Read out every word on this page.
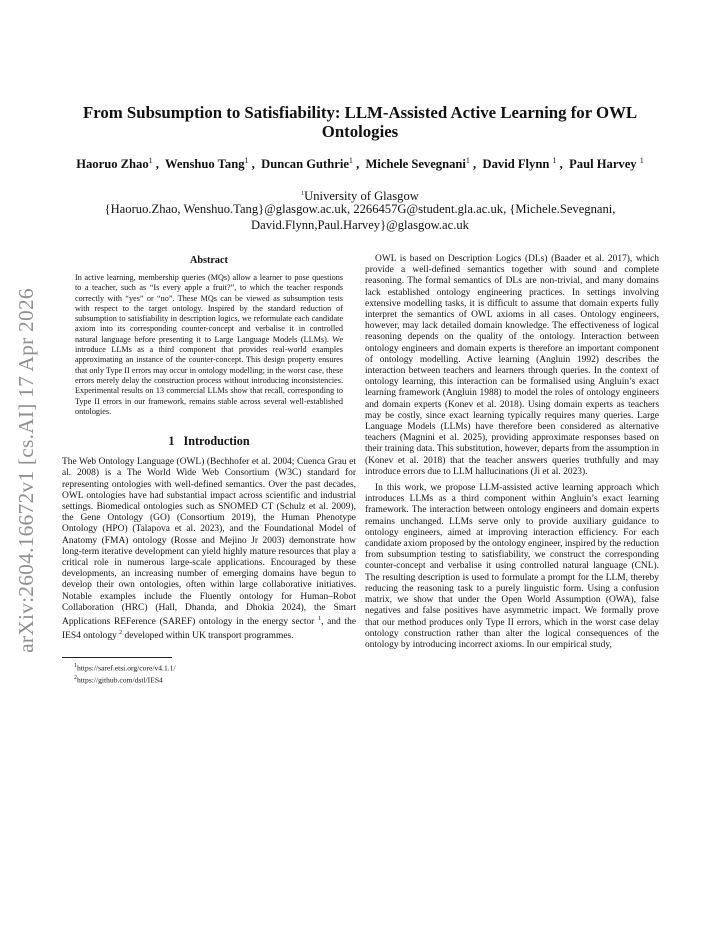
arXiv:2604.16672v1 [cs.AI] 17 Apr 2026
From Subsumption to Satisfiability: LLM-Assisted Active Learning for OWL Ontologies
Haoruo Zhao$^1$ ,  Wenshuo Tang$^1$ ,  Duncan Guthrie$^1$ ,  Michele Sevegnani$^1$ ,  David Flynn $^1$ ,  Paul Harvey $^1$

$^1$University of Glasgow

{Haoruo.Zhao, Wenshuo.Tang}@glasgow.ac.uk, 2266457G@student.gla.ac.uk, {Michele.Sevegnani, David.Flynn,Paul.Harvey}@glasgow.ac.uk

Abstract

In active learning, membership queries (MQs) allow a learner to pose questions to a teacher, such as “Is every apple a fruit?”, to which the teacher responds correctly with “yes” or “no”. These MQs can be viewed as subsumption tests with respect to the target ontology. Inspired by the standard reduction of subsumption to satisfiability in description logics, we reformulate each candidate axiom into its corresponding counter-concept and verbalise it in controlled natural language before presenting it to Large Language Models (LLMs). We introduce LLMs as a third component that provides real-world examples approximating an instance of the counter-concept. This design property ensures that only Type II errors may occur in ontology modelling; in the worst case, these errors merely delay the construction process without introducing inconsistencies. Experimental results on 13 commercial LLMs show that recall, corresponding to Type II errors in our framework, remains stable across several well-established ontologies.

1 Introduction

The Web Ontology Language (OWL) (Bechhofer et al. 2004; Cuenca Grau et al. 2008) is a The World Wide Web Consortium (W3C) standard for representing ontologies with well-defined semantics. Over the past decades, OWL ontologies have had substantial impact across scientific and industrial settings. Biomedical ontologies such as SNOMED CT (Schulz et al. 2009), the Gene Ontology (GO) (Consortium 2019), the Human Phenotype Ontology (HPO) (Talapova et al. 2023), and the Foundational Model of Anatomy (FMA) ontology (Rosse and Mejino Jr 2003) demonstrate how long-term iterative development can yield highly mature resources that play a critical role in numerous large-scale applications. Encouraged by these developments, an increasing number of emerging domains have begun to develop their own ontologies, often within large collaborative initiatives. Notable examples include the Fluently ontology for Human–Robot Collaboration (HRC) (Hall, Dhanda, and Dhokia 2024), the Smart Applications REFerence (SAREF) ontology in the energy sector $^1$, and the IES4 ontology $^2$ developed within UK transport programmes.

$^1$https://saref.etsi.org/core/v4.1.1/

$^2$https://github.com/dstl/IES4

OWL is based on Description Logics (DLs) (Baader et al. 2017), which provide a well-defined semantics together with sound and complete reasoning. The formal semantics of DLs are non-trivial, and many domains lack established ontology engineering practices. In settings involving extensive modelling tasks, it is difficult to assume that domain experts fully interpret the semantics of OWL axioms in all cases. Ontology engineers, however, may lack detailed domain knowledge. The effectiveness of logical reasoning depends on the quality of the ontology. Interaction between ontology engineers and domain experts is therefore an important component of ontology modelling. Active learning (Angluin 1992) describes the interaction between teachers and learners through queries. In the context of ontology learning, this interaction can be formalised using Angluin’s exact learning framework (Angluin 1988) to model the roles of ontology engineers and domain experts (Konev et al. 2018). Using domain experts as teachers may be costly, since exact learning typically requires many queries. Large Language Models (LLMs) have therefore been considered as alternative teachers (Magnini et al. 2025), providing approximate responses based on their training data. This substitution, however, departs from the assumption in (Konev et al. 2018) that the teacher answers queries truthfully and may introduce errors due to LLM hallucinations (Ji et al. 2023).

In this work, we propose LLM-assisted active learning approach which introduces LLMs as a third component within Angluin’s exact learning framework. The interaction between ontology engineers and domain experts remains unchanged. LLMs serve only to provide auxiliary guidance to ontology engineers, aimed at improving interaction efficiency. For each candidate axiom proposed by the ontology engineer, inspired by the reduction from subsumption testing to satisfiability, we construct the corresponding counter-concept and verbalise it using controlled natural language (CNL). The resulting description is used to formulate a prompt for the LLM, thereby reducing the reasoning task to a purely linguistic form. Using a confusion matrix, we show that under the Open World Assumption (OWA), false negatives and false positives have asymmetric impact. We formally prove that our method produces only Type II errors, which in the worst case delay ontology construction rather than alter the logical consequences of the ontology by introducing incorrect axioms. In our empirical study,
